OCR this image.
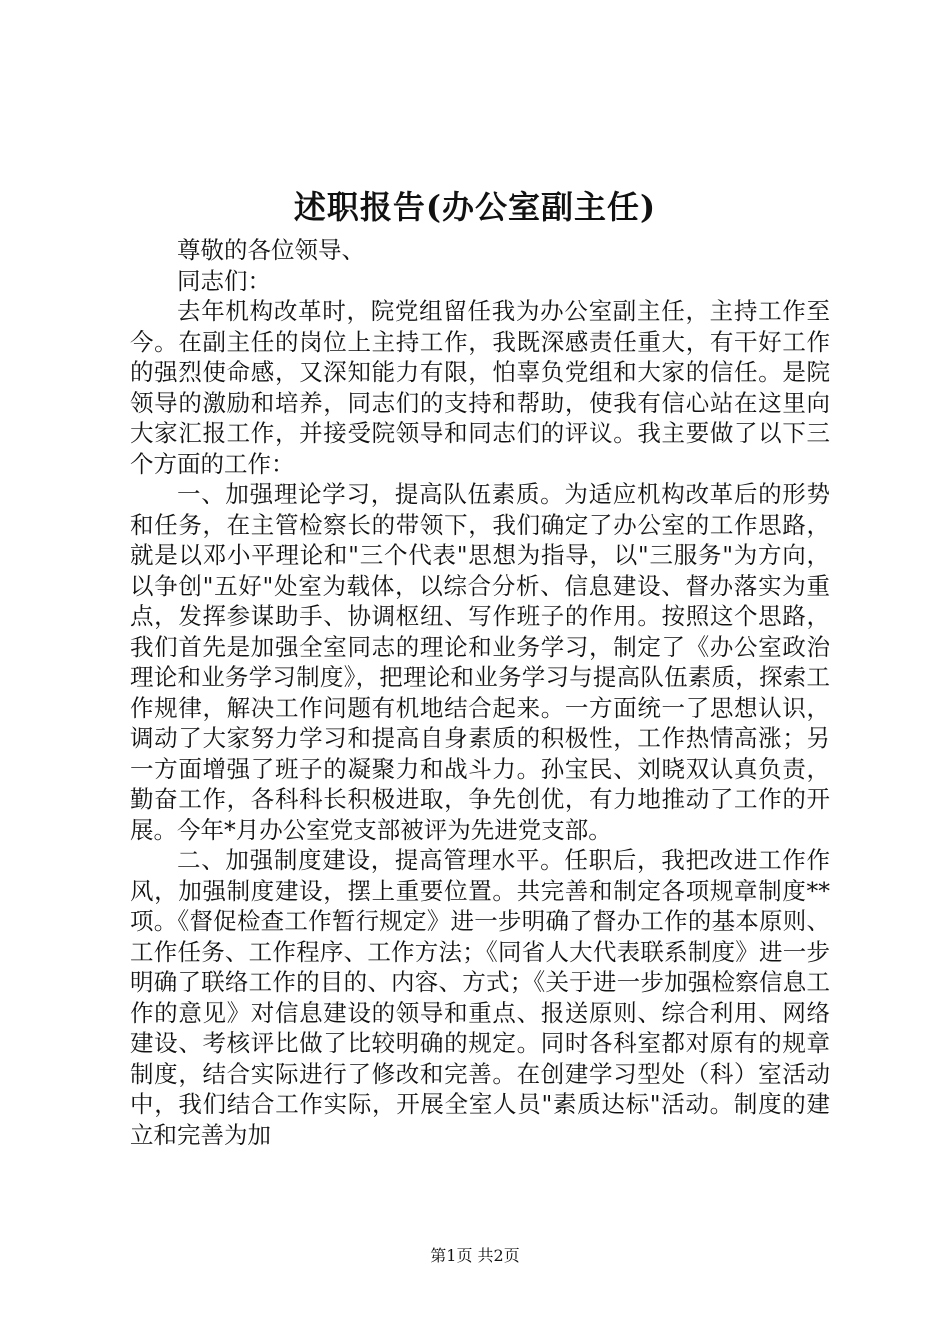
述职报告(办公室副主任)

尊敬的各位领导、

同志们：

去年机构改革时，院党组留任我为办公室副主任，主持工作至今。在副主任的岗位上主持工作，我既深感责任重大，有干好工作的强烈使命感，又深知能力有限，怕辜负党组和大家的信任。是院领导的激励和培养，同志们的支持和帮助，使我有信心站在这里向大家汇报工作，并接受院领导和同志们的评议。我主要做了以下三个方面的工作：

一、加强理论学习，提高队伍素质。为适应机构改革后的形势和任务，在主管检察长的带领下，我们确定了办公室的工作思路，就是以邓小平理论和"三个代表"思想为指导，以"三服务"为方向，以争创"五好"处室为载体，以综合分析、信息建设、督办落实为重点，发挥参谋助手、协调枢纽、写作班子的作用。按照这个思路，我们首先是加强全室同志的理论和业务学习，制定了《办公室政治理论和业务学习制度》，把理论和业务学习与提高队伍素质，探索工作规律，解决工作问题有机地结合起来。一方面统一了思想认识，调动了大家努力学习和提高自身素质的积极性，工作热情高涨；另一方面增强了班子的凝聚力和战斗力。孙宝民、刘晓双认真负责，勤奋工作，各科科长积极进取，争先创优，有力地推动了工作的开展。今年*月办公室党支部被评为先进党支部。

二、加强制度建设，提高管理水平。任职后，我把改进工作作风，加强制度建设，摆上重要位置。共完善和制定各项规章制度**项。《督促检查工作暂行规定》进一步明确了督办工作的基本原则、工作任务、工作程序、工作方法；《同省人大代表联系制度》进一步明确了联络工作的目的、内容、方式；《关于进一步加强检察信息工作的意见》对信息建设的领导和重点、报送原则、综合利用、网络建设、考核评比做了比较明确的规定。同时各科室都对原有的规章制度，结合实际进行了修改和完善。在创建学习型处（科）室活动中，我们结合工作实际，开展全室人员"素质达标"活动。制度的建立和完善为加

第1页 共2页
